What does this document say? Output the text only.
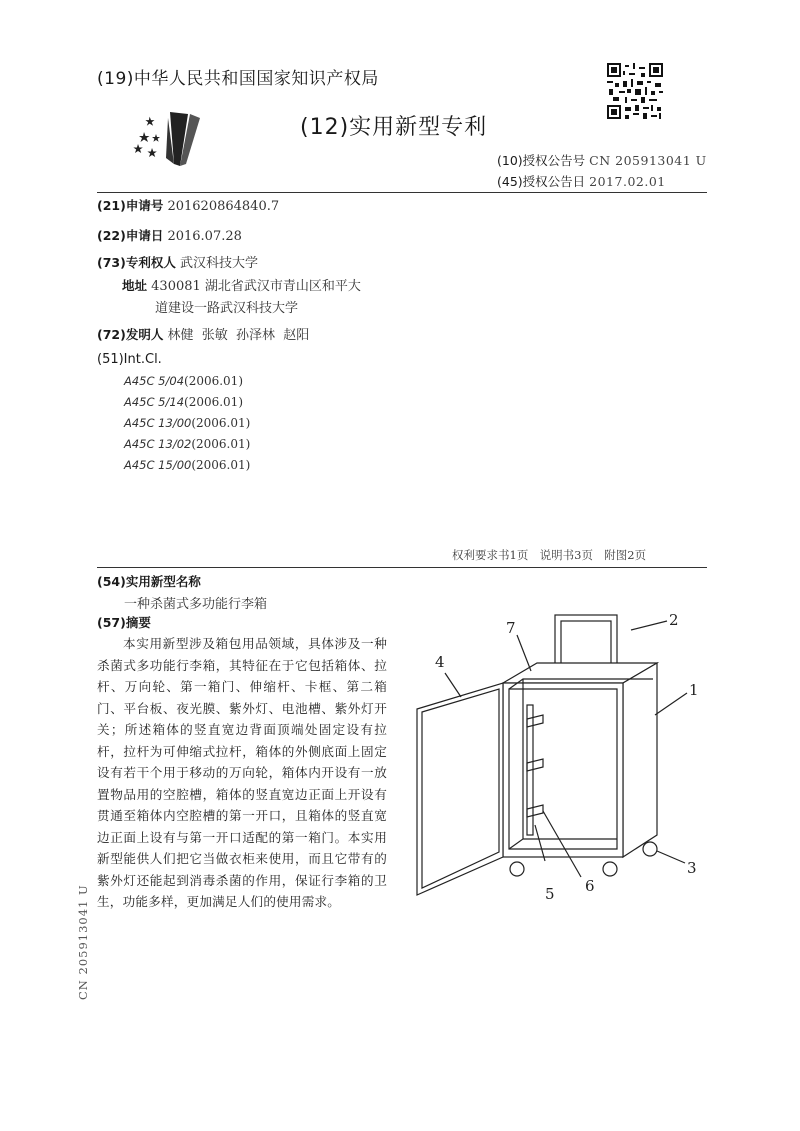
(19)中华人民共和国国家知识产权局
(12)实用新型专利
(10)授权公告号 CN 205913041 U
(45)授权公告日 2017.02.01
(21)申请号 201620864840.7
(22)申请日 2016.07.28
(73)专利权人 武汉科技大学
地址 430081 湖北省武汉市青山区和平大
道建设一路武汉科技大学
(72)发明人 林健  张敏  孙泽林  赵阳
(51)Int.Cl.
A45C 5/04(2006.01)
A45C 5/14(2006.01)
A45C 13/00(2006.01)
A45C 13/02(2006.01)
A45C 15/00(2006.01)
权利要求书1页  说明书3页  附图2页
(54)实用新型名称
一种杀菌式多功能行李箱
(57)摘要
本实用新型涉及箱包用品领域，具体涉及一种杀菌式多功能行李箱，其特征在于它包括箱体、拉杆、万向轮、第一箱门、伸缩杆、卡框、第二箱门、平台板、夜光膜、紫外灯、电池槽、紫外灯开关；所述箱体的竖直宽边背面顶端处固定设有拉杆，拉杆为可伸缩式拉杆，箱体的外侧底面上固定设有若干个用于移动的万向轮，箱体内开设有一放置物品用的空腔槽，箱体的竖直宽边正面上开设有贯通至箱体内空腔槽的第一开口，且箱体的竖直宽边正面上设有与第一开口适配的第一箱门。本实用新型能供人们把它当做衣柜来使用，而且它带有的紫外灯还能起到消毒杀菌的作用，保证行李箱的卫生，功能多样，更加满足人们的使用需求。
CN 205913041 U
2
1
3
4
7
5 6
